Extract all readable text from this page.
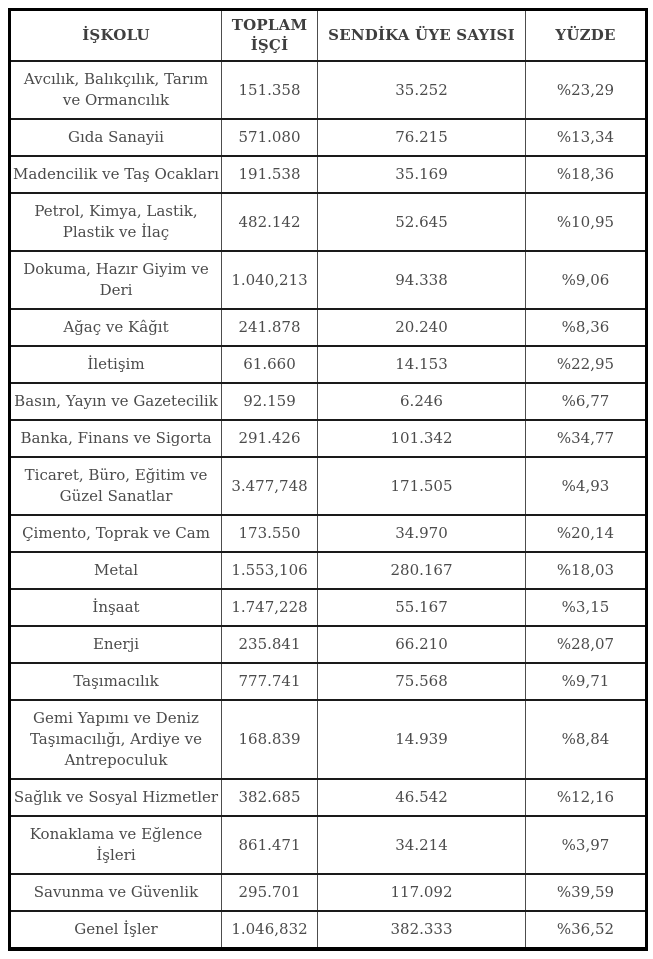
İŞKOLU	TOPLAM İŞÇİ	SENDİKA ÜYE SAYISI	YÜZDE
Avcılık, Balıkçılık, Tarım ve Ormancılık	151.358	35.252	%23,29
Gıda Sanayii	571.080	76.215	%13,34
Madencilik ve Taş Ocakları	191.538	35.169	%18,36
Petrol, Kimya, Lastik, Plastik ve İlaç	482.142	52.645	%10,95
Dokuma, Hazır Giyim ve Deri	1.040,213	94.338	%9,06
Ağaç ve Kâğıt	241.878	20.240	%8,36
İletişim	61.660	14.153	%22,95
Basın, Yayın ve Gazetecilik	92.159	6.246	%6,77
Banka, Finans ve Sigorta	291.426	101.342	%34,77
Ticaret, Büro, Eğitim ve Güzel Sanatlar	3.477,748	171.505	%4,93
Çimento, Toprak ve Cam	173.550	34.970	%20,14
Metal	1.553,106	280.167	%18,03
İnşaat	1.747,228	55.167	%3,15
Enerji	235.841	66.210	%28,07
Taşımacılık	777.741	75.568	%9,71
Gemi Yapımı ve Deniz Taşımacılığı, Ardiye ve Antrepoculuk	168.839	14.939	%8,84
Sağlık ve Sosyal Hizmetler	382.685	46.542	%12,16
Konaklama ve Eğlence İşleri	861.471	34.214	%3,97
Savunma ve Güvenlik	295.701	117.092	%39,59
Genel İşler	1.046,832	382.333	%36,52
